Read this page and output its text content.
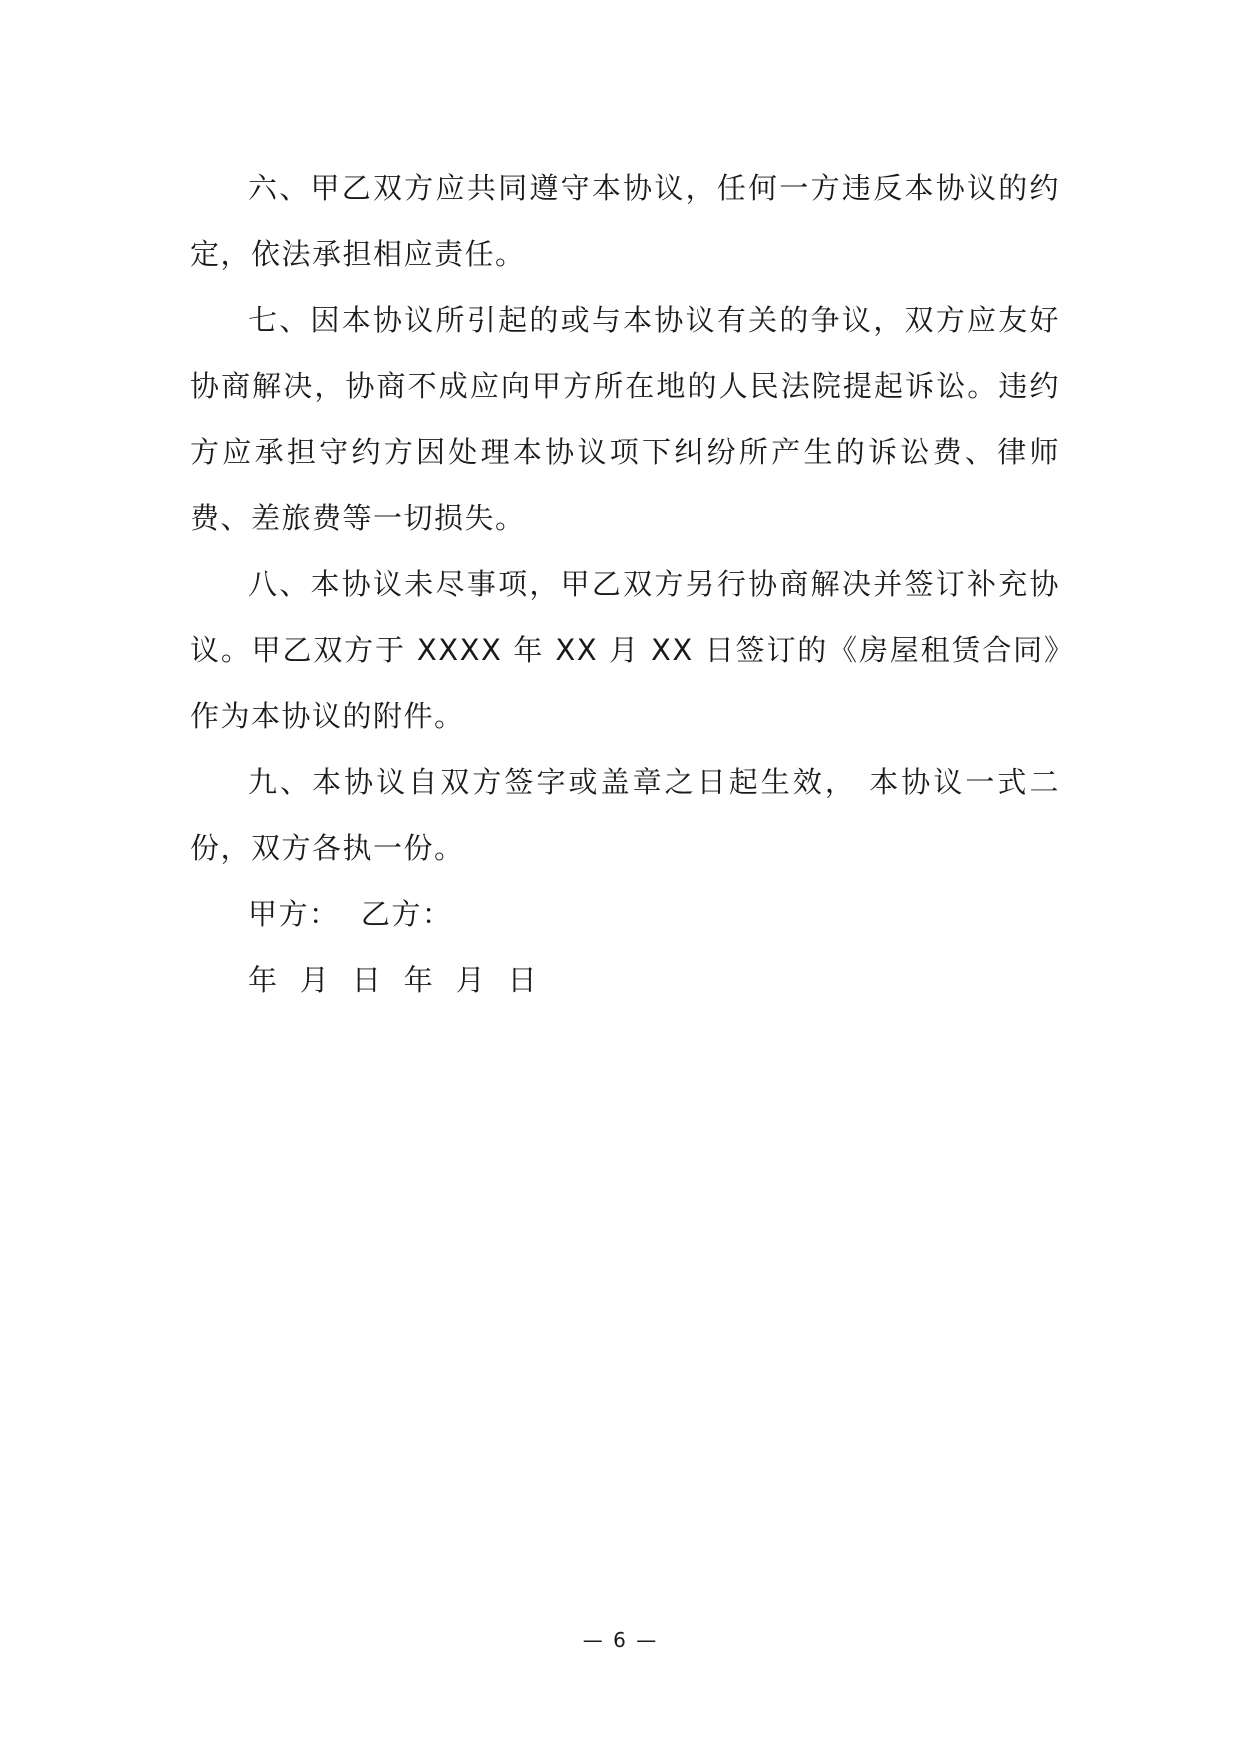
六、甲乙双方应共同遵守本协议，任何一方违反本协议的约定，依法承担相应责任。

七、因本协议所引起的或与本协议有关的争议，双方应友好协商解决，协商不成应向甲方所在地的人民法院提起诉讼。违约方应承担守约方因处理本协议项下纠纷所产生的诉讼费、律师费、差旅费等一切损失。

八、本协议未尽事项，甲乙双方另行协商解决并签订补充协议。甲乙双方于 XXXX 年 XX 月 XX 日签订的《房屋租赁合同》作为本协议的附件。

九、本协议自双方签字或盖章之日起生效， 本协议一式二份，双方各执一份。

甲方：  乙方：

年  月  日  年  月  日

— 6 —
